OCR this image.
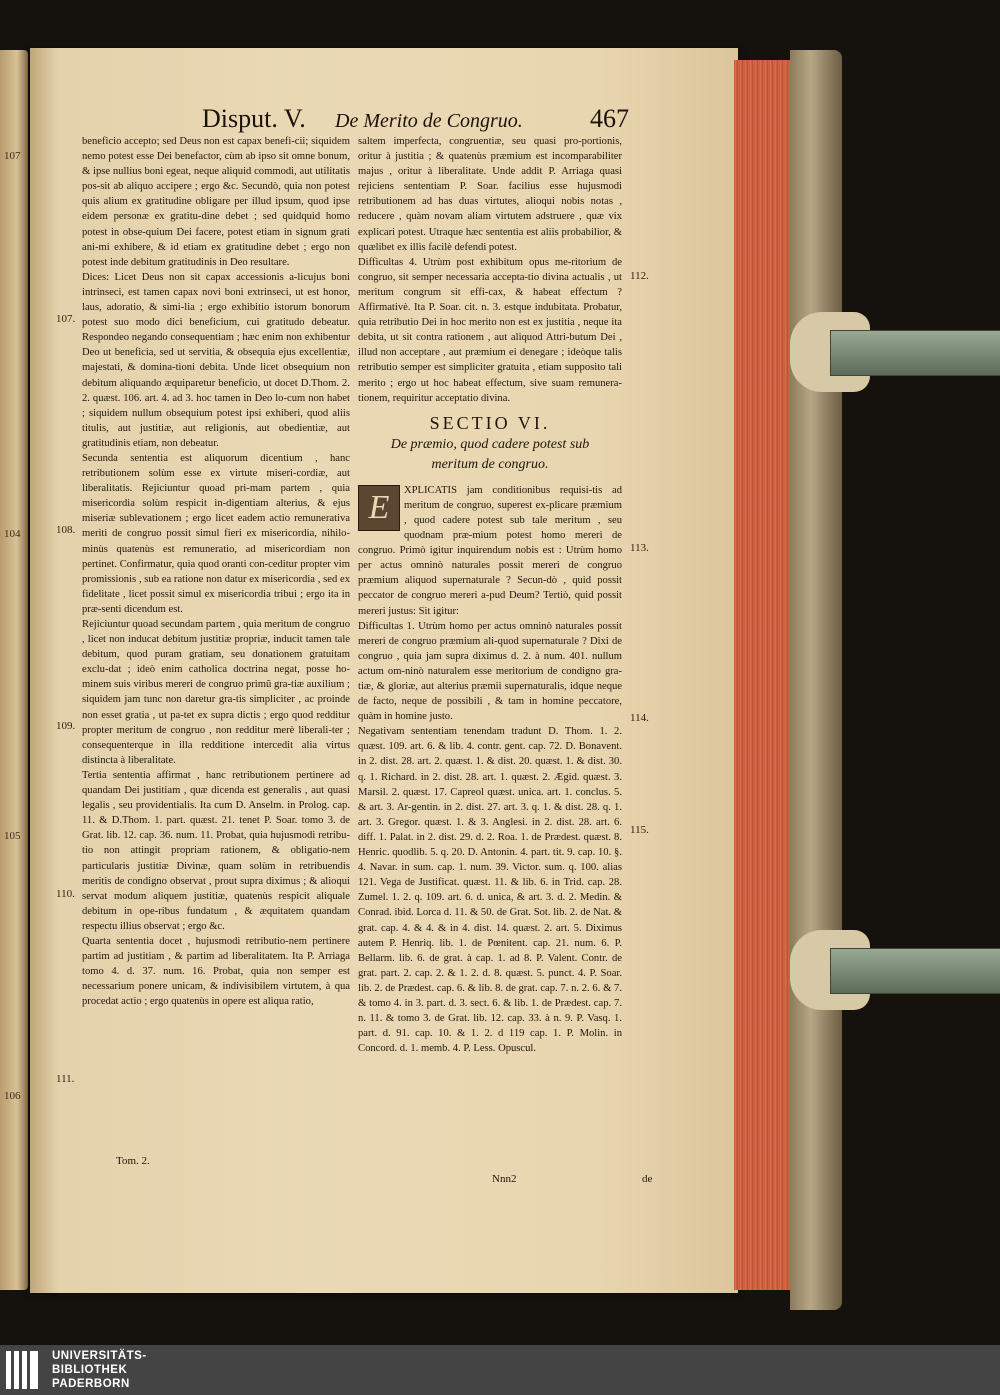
107
104
105
106
Disput. V. De Merito de Congruo.	467
107.
108.
109.
110.
111.
112.
113.
114.
115.

beneficio accepto; sed Deus non est capax benefi-cii; siquidem nemo potest esse Dei benefactor, cùm ab ipso sit omne bonum, & ipse nullius boni egeat, neque aliquid commodi, aut utilitatis pos-sit ab aliquo accipere ; ergo &c. Secundò, quia non potest quis alium ex gratitudine obligare per illud ipsum, quod ipse eidem personæ ex gratitu-dine debet ; sed quidquid homo potest in obse-quium Dei facere, potest etiam in signum grati ani-mi exhibere, & id etiam ex gratitudine debet ; ergo non potest inde debitum gratitudinis in Deo resultare.

Dices: Licet Deus non sit capax accessionis a-licujus boni intrinseci, est tamen capax novi boni extrinseci, ut est honor, laus, adoratio, & simi-lia ; ergo exhibitio istorum bonorum potest suo modo dici beneficium, cui gratitudo debeatur. Respondeo negando consequentiam ; hæc enim non exhibentur Deo ut beneficia, sed ut servitia, & obsequia ejus excellentiæ, majestati, & domina-tioni debita. Unde licet obsequium non debitum aliquando æquiparetur beneficio, ut docet D.Thom. 2. 2. quæst. 106. art. 4. ad 3. hoc tamen in Deo lo-cum non habet ; siquidem nullum obsequium potest ipsi exhiberi, quod aliis titulis, aut justitiæ, aut religionis, aut obedientiæ, aut gratitudinis etiam, non debeatur.

Secunda sententia est aliquorum dicentium , hanc retributionem solùm esse ex virtute miseri-cordiæ, aut liberalitatis. Rejiciuntur quoad pri-mam partem , quia misericordia solùm respicit in-digentiam alterius, & ejus miseriæ sublevationem ; ergo licet eadem actio remunerativa meriti de congruo possit simul fieri ex misericordia, nihilo-minùs quatenùs est remuneratio, ad misericordiam non pertinet. Confirmatur, quia quod oranti con-ceditur propter vim promissionis , sub ea ratione non datur ex misericordia , sed ex fidelitate , licet possit simul ex misericordia tribui ; ergo ita in præ-senti dicendum est.

Rejiciuntur quoad secundam partem , quia meritum de congruo , licet non inducat debitum justitiæ propriæ, inducit tamen tale debitum, quod puram gratiam, seu donationem gratuitam exclu-dat ; ideò enim catholica doctrina negat, posse ho-minem suis viribus mereri de congruo primũ gra-tiæ auxilium ; siquidem jam tunc non daretur gra-tis simpliciter , ac proinde non esset gratia , ut pa-tet ex supra dictis ; ergo quod redditur propter meritum de congruo , non redditur merè liberali-ter ; consequenterque in illa redditione intercedit alia virtus distincta à liberalitate.

Tertia sententia affirmat , hanc retributionem pertinere ad quandam Dei justitiam , quæ dicenda est generalis , aut quasi legalis , seu providentialis. Ita cum D. Anselm. in Prolog. cap. 11. & D.Thom. 1. part. quæst. 21. tenet P. Soar. tomo 3. de Grat. lib. 12. cap. 36. num. 11. Probat, quia hujusmodi retribu-tio non attingit propriam rationem, & obligatio-nem particularis justitiæ Divinæ, quam solùm in retribuendis meritis de condigno observat , prout supra diximus ; & alioqui servat modum aliquem justitiæ, quatenùs respicit aliquale debitum in ope-ribus fundatum , & æquitatem quandam respectu illius observat ; ergo &c.

Quarta sententia docet , hujusmodi retributio-nem pertinere partim ad justitiam , & partim ad liberalitatem. Ita P. Arriaga tomo 4. d. 37. num. 16. Probat, quia non semper est necessarium ponere unicam, & indivisibilem virtutem, à qua procedat actio ; ergo quatenùs in opere est aliqua ratio,

saltem imperfecta, congruentiæ, seu quasi pro-portionis, oritur à justitia ; & quatenùs præmium est incomparabiliter majus , oritur à liberalitate. Unde addit P. Arriaga quasi rejiciens sententiam P. Soar. facilius esse hujusmodi retributionem ad has duas virtutes, alioqui nobis notas , reducere , quàm novam aliam virtutem adstruere , quæ vix explicari potest. Utraque hæc sententia est aliis probabilior, & quælibet ex illis facilè defendi potest.

Difficultas 4. Utrùm post exhibitum opus me-ritorium de congruo, sit semper necessaria accepta-tio divina actualis , ut meritum congrum sit effi-cax, & habeat effectum ? Affirmativè. Ita P. Soar. cit. n. 3. estque indubitata. Probatur, quia retributio Dei in hoc merito non est ex justitia , neque ita debita, ut sit contra rationem , aut aliquod Attri-butum Dei , illud non acceptare , aut præmium ei denegare ; ideòque talis retributio semper est simpliciter gratuita , etiam supposito tali merito ; ergo ut hoc habeat effectum, sive suam remunera-tionem, requiritur acceptatio divina.

SECTIO VI.
De præmio, quod cadere potest sub
meritum de congruo.
E	XPLICATIS jam conditionibus requisi-tis ad meritum de congruo, superest ex-plicare præmium , quod cadere potest sub tale meritum , seu quodnam præ-mium potest homo mereri de congruo. Primò igitur inquirendum nobis est : Utrùm homo per actus omninò naturales possit mereri de congruo præmium aliquod supernaturale ? Secun-dò , quid possit peccator de congruo mereri a-pud Deum? Tertiò, quid possit mereri justus: Sit igitur:

Difficultas 1. Utrùm homo per actus omninò naturales possit mereri de congruo præmium ali-quod supernaturale ? Dixi de congruo , quia jam supra diximus d. 2. à num. 401. nullum actum om-ninò naturalem esse meritorium de condigno gra-tiæ, & gloriæ, aut alterius præmii supernaturalis, idque neque de facto, neque de possibili , & tam in homine peccatore, quàm in homine justo.

Negativam sententiam tenendam tradunt D. Thom. 1. 2. quæst. 109. art. 6. & lib. 4. contr. gent. cap. 72. D. Bonavent. in 2. dist. 28. art. 2. quæst. 1. & dist. 20. quæst. 1. & dist. 30. q. 1. Richard. in 2. dist. 28. art. 1. quæst. 2. Ægid. quæst. 3. Marsil. 2. quæst. 17. Capreol quæst. unica. art. 1. conclus. 5. & art. 3. Ar-gentin. in 2. dist. 27. art. 3. q. 1. & dist. 28. q. 1. art. 3. Gregor. quæst. 1. & 3. Anglesi. in 2. dist. 28. art. 6. diff. 1. Palat. in 2. dist. 29. d. 2. Roa. 1. de Prædest. quæst. 8. Henric. quodlib. 5. q. 20. D. Antonin. 4. part. tit. 9. cap. 10. §. 4. Navar. in sum. cap. 1. num. 39. Victor. sum. q. 100. alias 121. Vega de Justificat. quæst. 11. & lib. 6. in Trid. cap. 28. Zumel. 1. 2. q. 109. art. 6. d. unica, & art. 3. d. 2. Medin. & Conrad. ibid. Lorca d. 11. & 50. de Grat. Sot. lib. 2. de Nat. & grat. cap. 4. & 4. & in 4. dist. 14. quæst. 2. art. 5. Diximus autem P. Henriq. lib. 1. de Pœnitent. cap. 21. num. 6. P. Bellarm. lib. 6. de grat. à cap. 1. ad 8. P. Valent. Contr. de grat. part. 2. cap. 2. & 1. 2. d. 8. quæst. 5. punct. 4. P. Soar. lib. 2. de Prædest. cap. 6. & lib. 8. de grat. cap. 7. n. 2. 6. & 7. & tomo 4. in 3. part. d. 3. sect. 6. & lib. 1. de Prædest. cap. 7. n. 11. & tomo 3. de Grat. lib. 12. cap. 33. à n. 9. P. Vasq. 1. part. d. 91. cap. 10. & 1. 2. d 119 cap. 1. P. Molin. in Concord. d. 1. memb. 4. P. Less. Opuscul.

Tom. 2.
Nnn2	de
UNIVERSITÄTS-
BIBLIOTHEK
PADERBORN
